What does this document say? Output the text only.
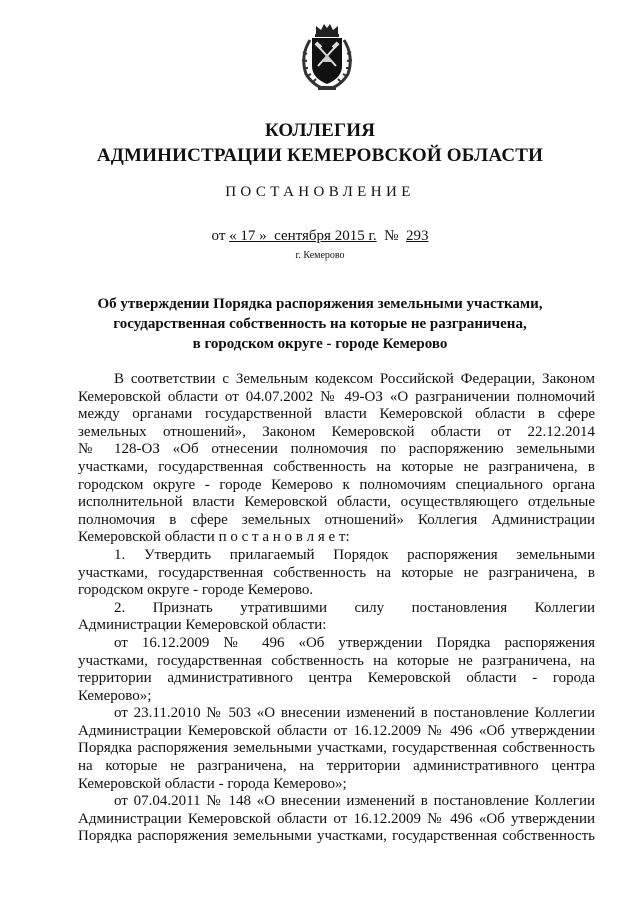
КОЛЛЕГИЯ
АДМИНИСТРАЦИИ КЕМЕРОВСКОЙ ОБЛАСТИ
ПОСТАНОВЛЕНИЕ
от « 17 » сентября 2015 г. № 293
г. Кемерово
Об утверждении Порядка распоряжения земельными участками,
государственная собственность на которые не разграничена,
в городском округе - городе Кемерово
В соответствии с Земельным кодексом Российской Федерации, Законом
Кемеровской области от 04.07.2002 № 49-ОЗ «О разграничении полномочий
между органами государственной власти Кемеровской области в сфере
земельных отношений», Законом Кемеровской области от 22.12.2014
№ 128-ОЗ «Об отнесении полномочия по распоряжению земельными
участками, государственная собственность на которые не разграничена, в
городском округе - городе Кемерово к полномочиям специального органа
исполнительной власти Кемеровской области, осуществляющего отдельные
полномочия в сфере земельных отношений» Коллегия Администрации
Кемеровской области п о с т а н о в л я е т:
1. Утвердить прилагаемый Порядок распоряжения земельными
участками, государственная собственность на которые не разграничена, в
городском округе - городе Кемерово.
2. Признать утратившими силу постановления Коллегии
Администрации Кемеровской области:
от 16.12.2009 № 496 «Об утверждении Порядка распоряжения
участками, государственная собственность на которые не разграничена, на
территории административного центра Кемеровской области - города
Кемерово»;
от 23.11.2010 № 503 «О внесении изменений в постановление Коллегии
Администрации Кемеровской области от 16.12.2009 № 496 «Об утверждении
Порядка распоряжения земельными участками, государственная собственность
на которые не разграничена, на территории административного центра
Кемеровской области - города Кемерово»;
от 07.04.2011 № 148 «О внесении изменений в постановление Коллегии
Администрации Кемеровской области от 16.12.2009 № 496 «Об утверждении
Порядка распоряжения земельными участками, государственная собственность
